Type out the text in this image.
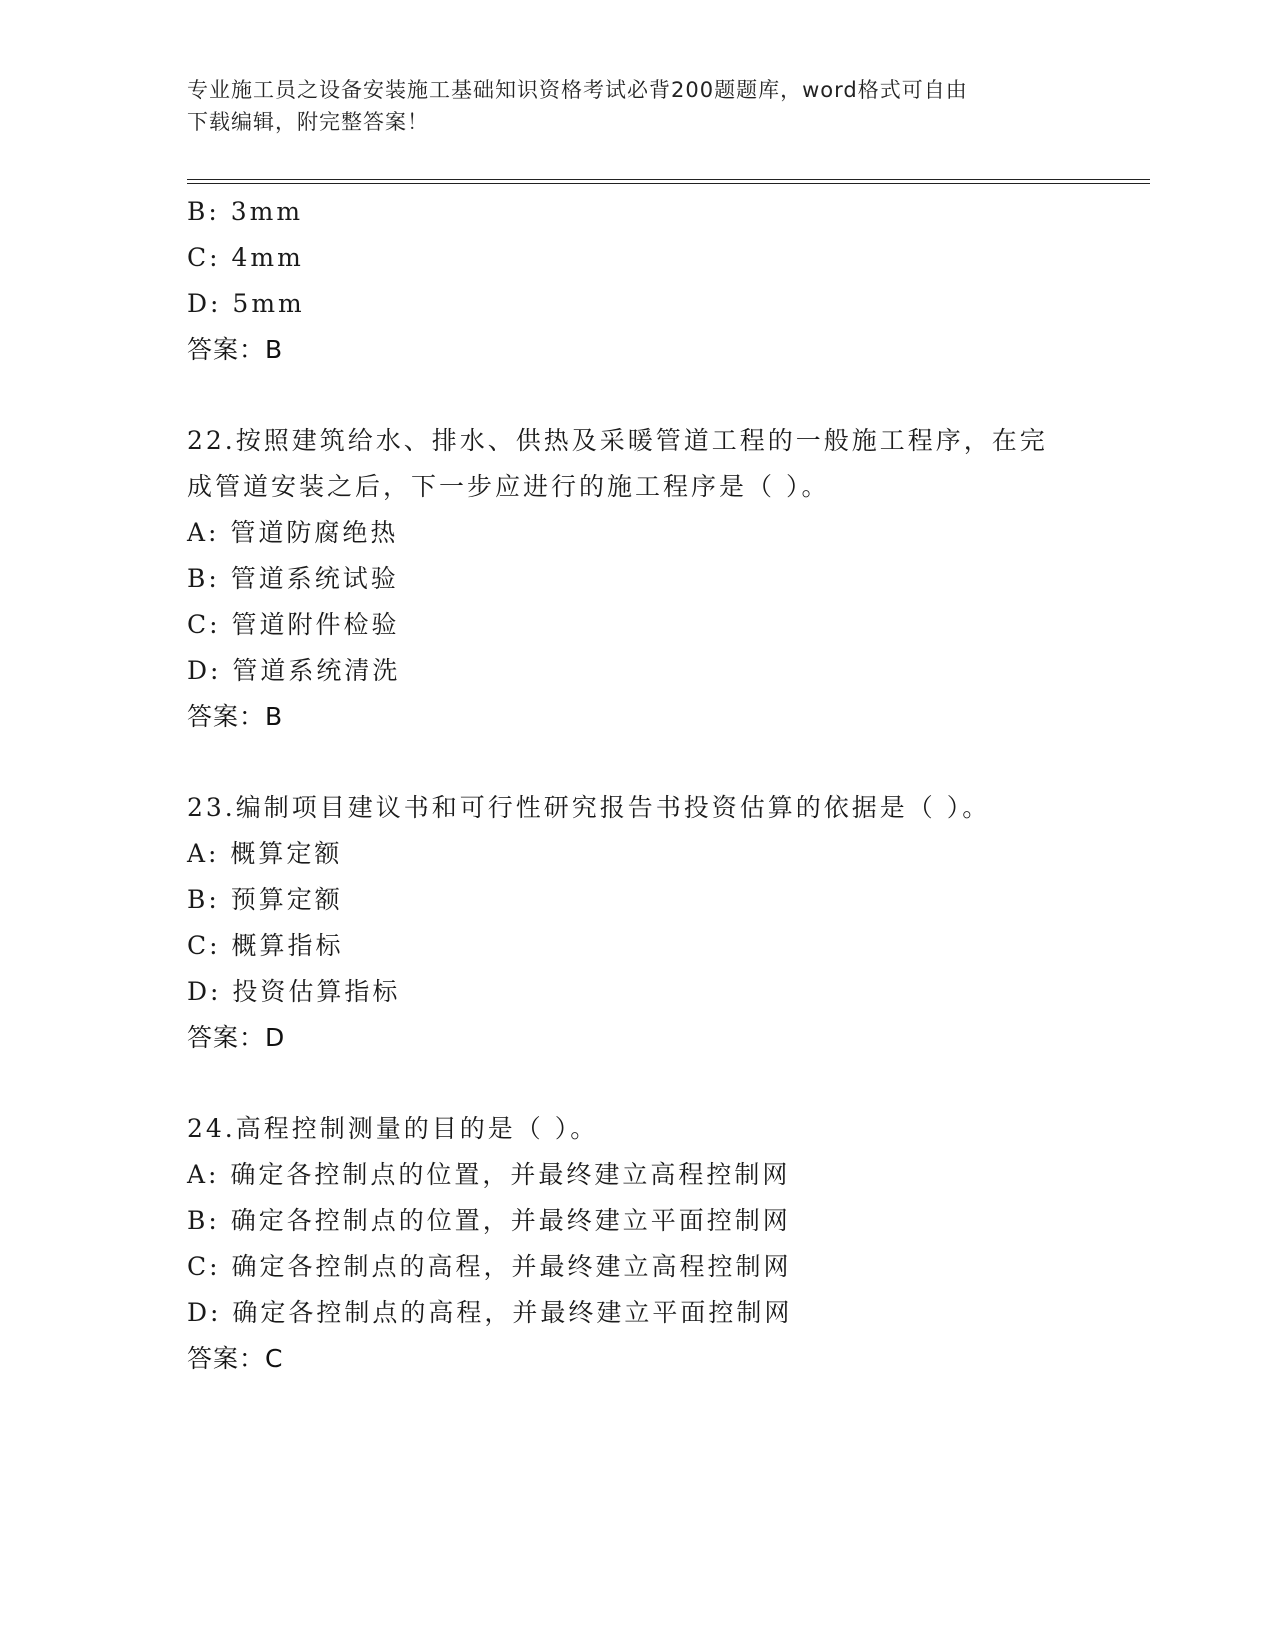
专业施工员之设备安装施工基础知识资格考试必背200题题库，word格式可自由
下载编辑，附完整答案！
B: 3mm
C: 4mm
D: 5mm
答案：B
22.按照建筑给水、排水、供热及采暖管道工程的一般施工程序，在完
成管道安装之后，下一步应进行的施工程序是（ ）。
A: 管道防腐绝热
B: 管道系统试验
C: 管道附件检验
D: 管道系统清洗
答案：B
23.编制项目建议书和可行性研究报告书投资估算的依据是（ ）。
A: 概算定额
B: 预算定额
C: 概算指标
D: 投资估算指标
答案：D
24.高程控制测量的目的是（ ）。
A: 确定各控制点的位置，并最终建立高程控制网
B: 确定各控制点的位置，并最终建立平面控制网
C: 确定各控制点的高程，并最终建立高程控制网
D: 确定各控制点的高程，并最终建立平面控制网
答案：C
